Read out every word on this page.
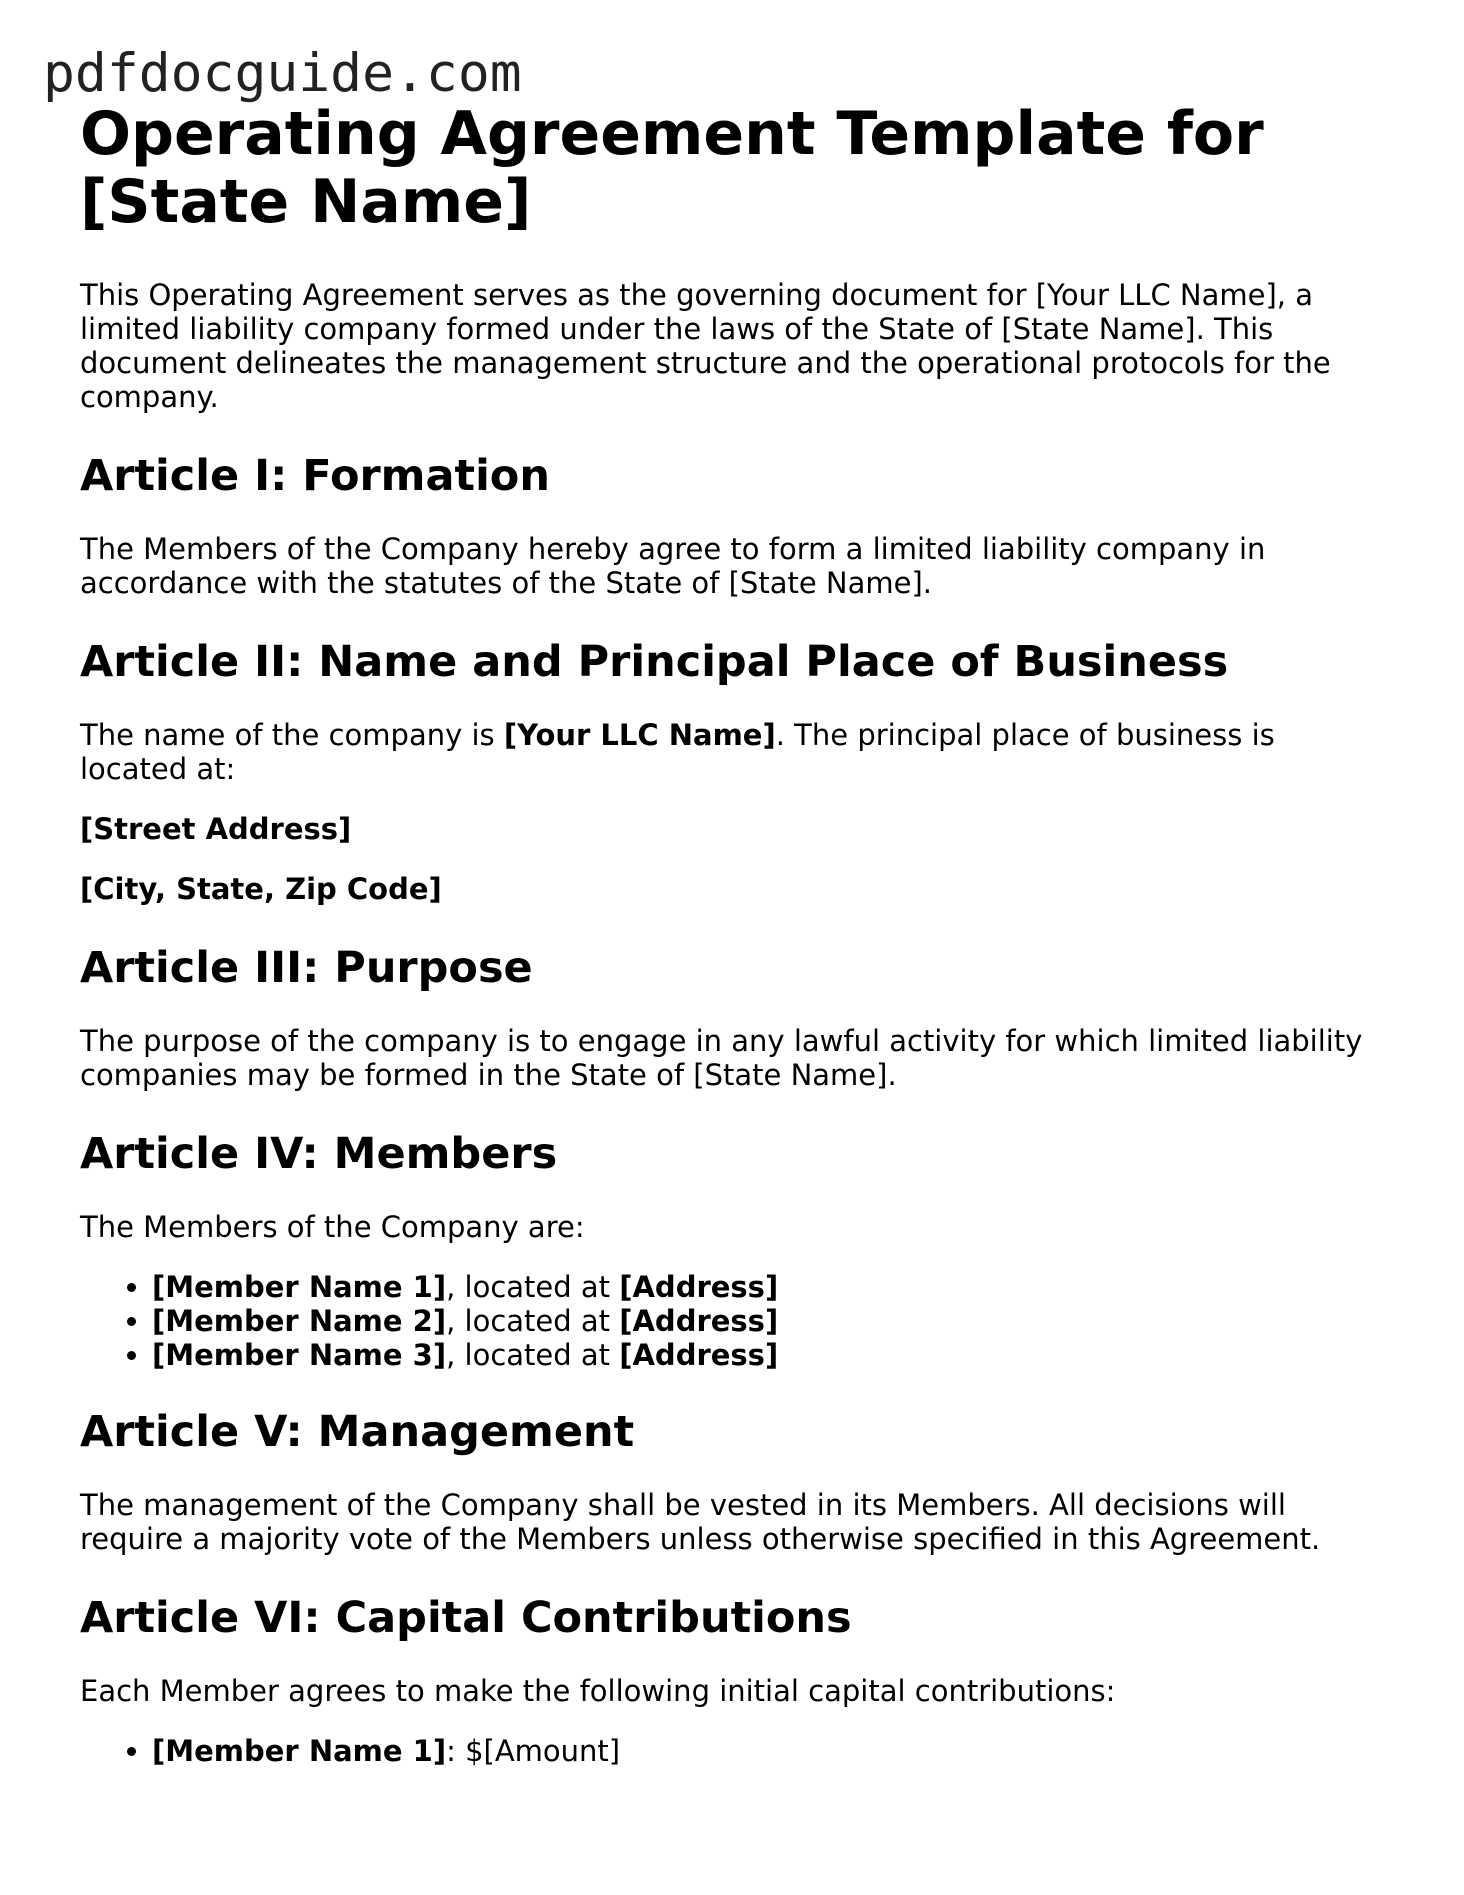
pdfdocguide.com
Operating Agreement Template for [State Name]

This Operating Agreement serves as the governing document for [Your LLC Name], a limited liability company formed under the laws of the State of [State Name]. This document delineates the management structure and the operational protocols for the company.

Article I: Formation

The Members of the Company hereby agree to form a limited liability company in accordance with the statutes of the State of [State Name].

Article II: Name and Principal Place of Business

The name of the company is [Your LLC Name]. The principal place of business is located at:

[Street Address]

[City, State, Zip Code]

Article III: Purpose

The purpose of the company is to engage in any lawful activity for which limited liability companies may be formed in the State of [State Name].

Article IV: Members

The Members of the Company are:

• [Member Name 1], located at [Address]
• [Member Name 2], located at [Address]
• [Member Name 3], located at [Address]
Article V: Management

The management of the Company shall be vested in its Members. All decisions will require a majority vote of the Members unless otherwise specified in this Agreement.

Article VI: Capital Contributions

Each Member agrees to make the following initial capital contributions:

• [Member Name 1]: $[Amount]
